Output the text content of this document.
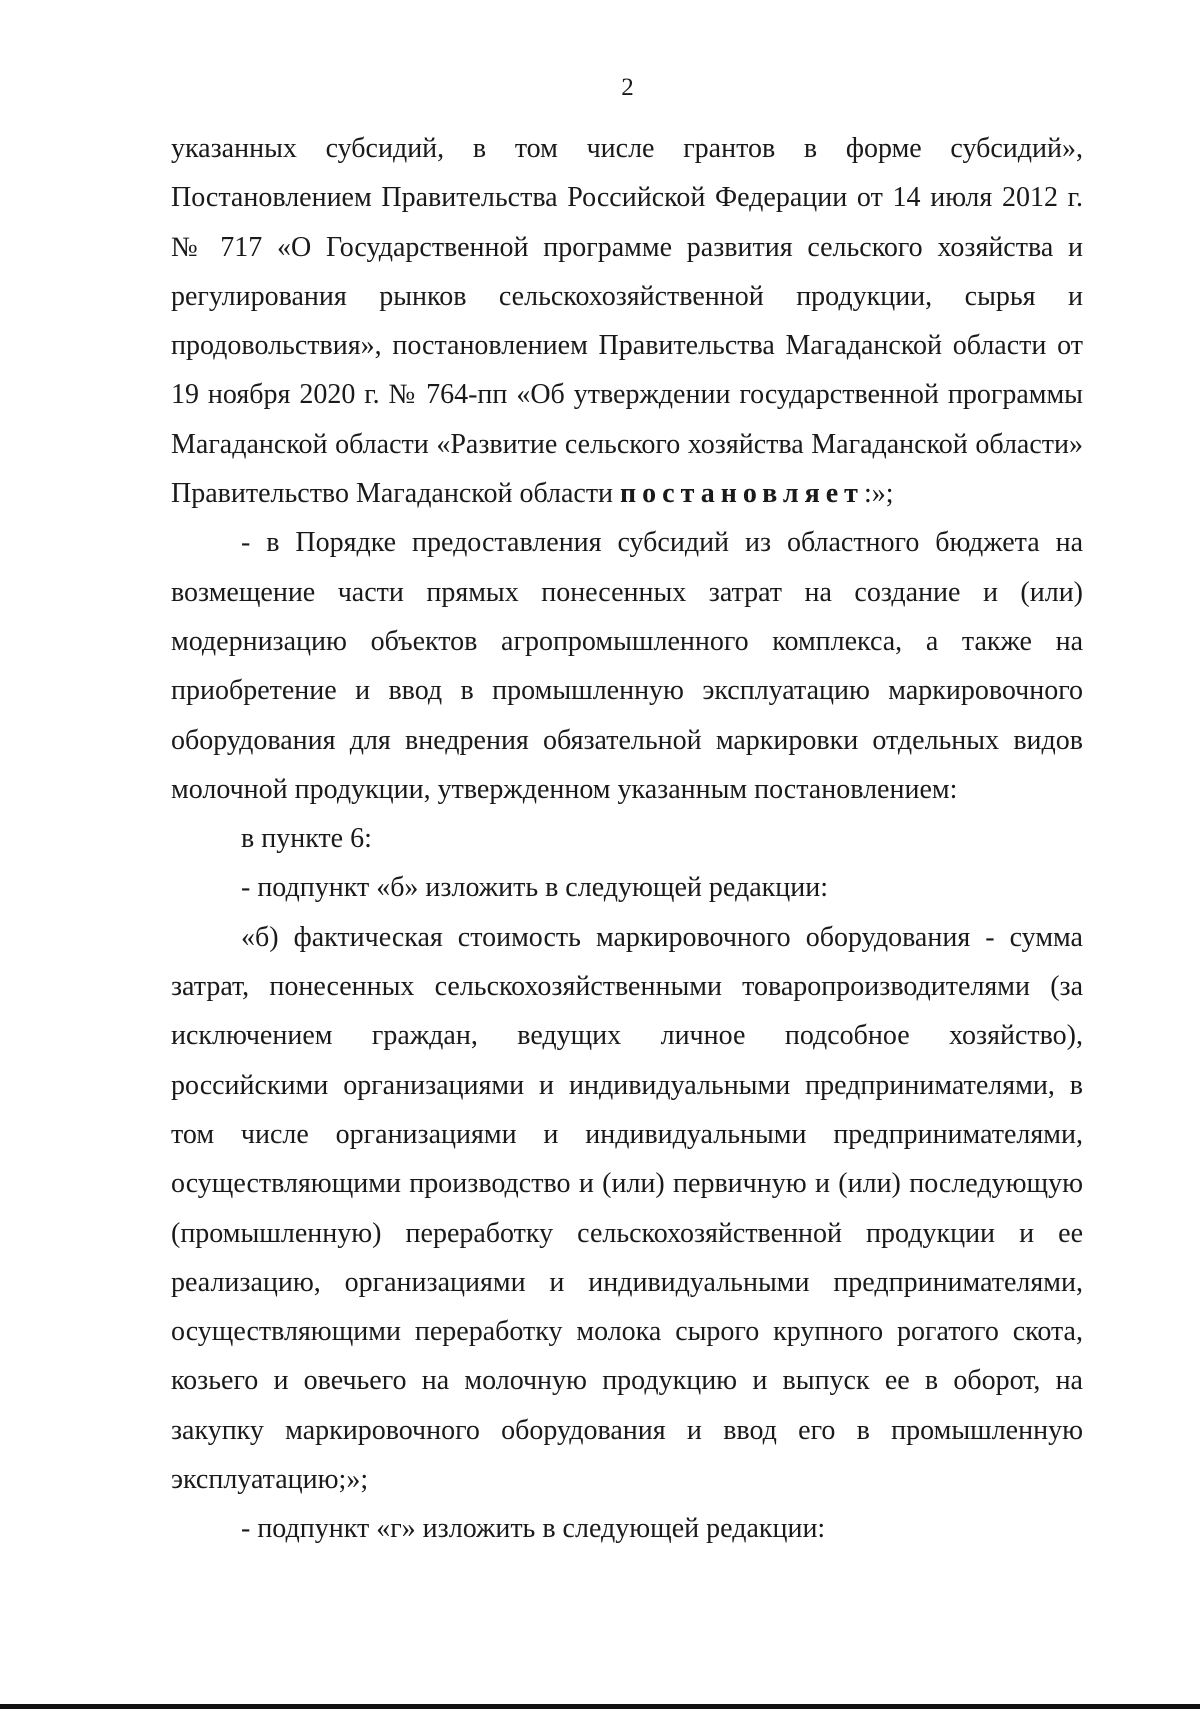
2

указанных субсидий, в том числе грантов в форме субсидий», Постановлением Правительства Российской Федерации от 14 июля 2012 г. № 717 «О Государственной программе развития сельского хозяйства и регулирования рынков сельскохозяйственной продукции, сырья и продовольствия», постановлением Правительства Магаданской области от 19 ноября 2020 г. № 764-пп «Об утверждении государственной программы Магаданской области «Развитие сельского хозяйства Магаданской области» Правительство Магаданской области постановляет:»;

- в Порядке предоставления субсидий из областного бюджета на возмещение части прямых понесенных затрат на создание и (или) модернизацию объектов агропромышленного комплекса, а также на приобретение и ввод в промышленную эксплуатацию маркировочного оборудования для внедрения обязательной маркировки отдельных видов молочной продукции, утвержденном указанным постановлением:

в пункте 6:

- подпункт «б» изложить в следующей редакции:

«б) фактическая стоимость маркировочного оборудования - сумма затрат, понесенных сельскохозяйственными товаропроизводителями (за исключением граждан, ведущих личное подсобное хозяйство), российскими организациями и индивидуальными предпринимателями, в том числе организациями и индивидуальными предпринимателями, осуществляющими производство и (или) первичную и (или) последующую (промышленную) переработку сельскохозяйственной продукции и ее реализацию, организациями и индивидуальными предпринимателями, осуществляющими переработку молока сырого крупного рогатого скота, козьего и овечьего на молочную продукцию и выпуск ее в оборот, на закупку маркировочного оборудования и ввод его в промышленную эксплуатацию;»;

- подпункт «г» изложить в следующей редакции:
